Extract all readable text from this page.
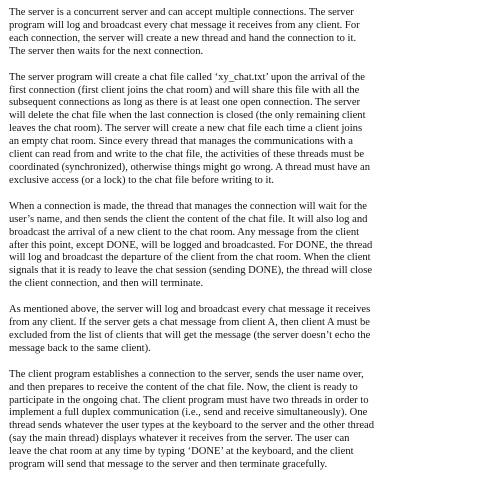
The server is a concurrent server and can accept multiple connections. The server
program will log and broadcast every chat message it receives from any client. For
each connection, the server will create a new thread and hand the connection to it.
The server then waits for the next connection.
The server program will create a chat file called ‘xy_chat.txt’ upon the arrival of the
first connection (first client joins the chat room) and will share this file with all the
subsequent connections as long as there is at least one open connection. The server
will delete the chat file when the last connection is closed (the only remaining client
leaves the chat room). The server will create a new chat file each time a client joins
an empty chat room. Since every thread that manages the communications with a
client can read from and write to the chat file, the activities of these threads must be
coordinated (synchronized), otherwise things might go wrong. A thread must have an
exclusive access (or a lock) to the chat file before writing to it.
When a connection is made, the thread that manages the connection will wait for the
user’s name, and then sends the client the content of the chat file. It will also log and
broadcast the arrival of a new client to the chat room. Any message from the client
after this point, except DONE, will be logged and broadcasted. For DONE, the thread
will log and broadcast the departure of the client from the chat room. When the client
signals that it is ready to leave the chat session (sending DONE), the thread will close
the client connection, and then will terminate.
As mentioned above, the server will log and broadcast every chat message it receives
from any client. If the server gets a chat message from client A, then client A must be
excluded from the list of clients that will get the message (the server doesn’t echo the
message back to the same client).
The client program establishes a connection to the server, sends the user name over,
and then prepares to receive the content of the chat file. Now, the client is ready to
participate in the ongoing chat. The client program must have two threads in order to
implement a full duplex communication (i.e., send and receive simultaneously). One
thread sends whatever the user types at the keyboard to the server and the other thread
(say the main thread) displays whatever it receives from the server. The user can
leave the chat room at any time by typing ‘DONE’ at the keyboard, and the client
program will send that message to the server and then terminate gracefully.
